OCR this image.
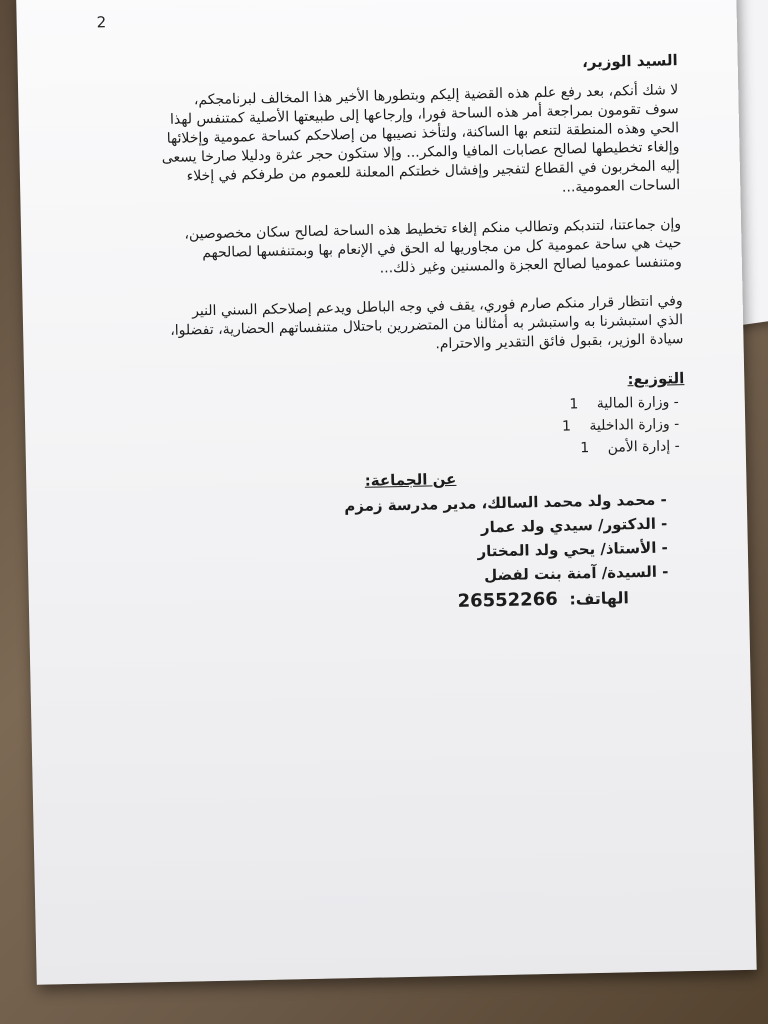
2
السيد الوزير،

لا شك أنكم، بعد رفع علم هذه القضية إليكم وبتطورها الأخير هذا المخالف لبرنامجكم، سوف تقومون بمراجعة أمر هذه الساحة فورا، وإرجاعها إلى طبيعتها الأصلية كمتنفس لهذا الحي وهذه المنطقة لتنعم بها الساكنة، ولتأخذ نصيبها من إصلاحكم كساحة عمومية وإخلائها وإلغاء تخطيطها لصالح عصابات المافيا والمكر... وإلا ستكون حجر عثرة ودليلا صارخا يسعى إليه المخربون في القطاع لتفجير وإفشال خطتكم المعلنة للعموم من طرفكم في إخلاء الساحات العمومية...

وإن جماعتنا، لتندبكم وتطالب منكم إلغاء تخطيط هذه الساحة لصالح سكان مخصوصين، حيث هي ساحة عمومية كل من مجاوريها له الحق في الإنعام بها وبمتنفسها لصالحهم ومتنفسا عموميا لصالح العجزة والمسنين وغير ذلك...

وفي انتظار قرار منكم صارم فوري، يقف في وجه الباطل ويدعم إصلاحكم السني النير الذي استبشرنا به واستبشر به أمثالنا من المتضررين باحتلال متنفساتهم الحضارية، تفضلوا، سيادة الوزير، بقبول فائق التقدير والاحترام.

التوزيع:
- وزارة المالية 1
- وزارة الداخلية 1
- إدارة الأمن 1
عن الجماعة:
- محمد ولد محمد السالك، مدير مدرسة زمزم
- الدكتور/ سيدي ولد عمار
- الأستاذ/ يحي ولد المختار
- السيدة/ آمنة بنت لفضل
الهاتف: 26552266
